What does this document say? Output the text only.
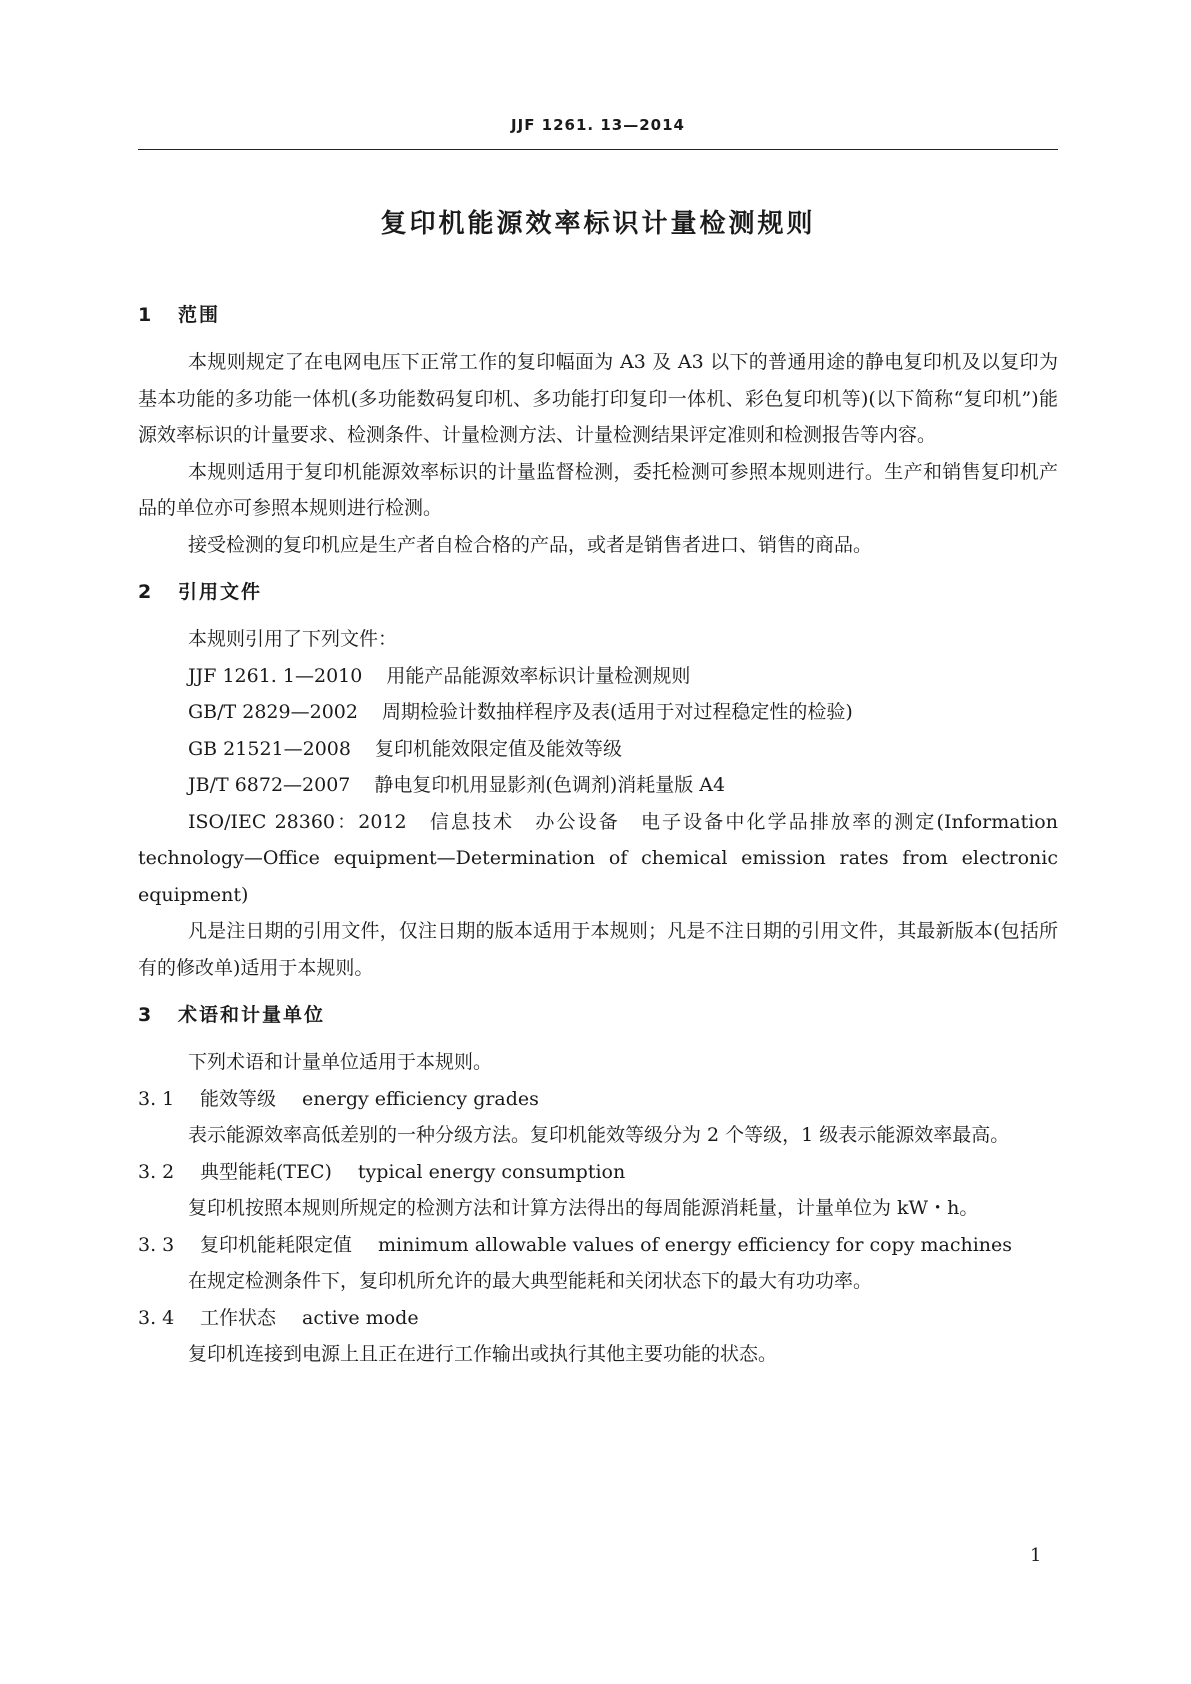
JJF 1261. 13—2014
复印机能源效率标识计量检测规则
1 范围

本规则规定了在电网电压下正常工作的复印幅面为 A3 及 A3 以下的普通用途的静电复印机及以复印为基本功能的多功能一体机(多功能数码复印机、多功能打印复印一体机、彩色复印机等)(以下简称“复印机”)能源效率标识的计量要求、检测条件、计量检测方法、计量检测结果评定准则和检测报告等内容。

本规则适用于复印机能源效率标识的计量监督检测，委托检测可参照本规则进行。生产和销售复印机产品的单位亦可参照本规则进行检测。

接受检测的复印机应是生产者自检合格的产品，或者是销售者进口、销售的商品。

2 引用文件

本规则引用了下列文件：

JJF 1261. 1—2010 用能产品能源效率标识计量检测规则

GB/T 2829—2002 周期检验计数抽样程序及表(适用于对过程稳定性的检验)

GB 21521—2008 复印机能效限定值及能效等级

JB/T 6872—2007 静电复印机用显影剂(色调剂)消耗量版 A4

ISO/IEC 28360：2012　信息技术　办公设备　电子设备中化学品排放率的测定(Information technology—Office equipment—Determination of chemical emission rates from electronic equipment)

凡是注日期的引用文件，仅注日期的版本适用于本规则；凡是不注日期的引用文件，其最新版本(包括所有的修改单)适用于本规则。

3 术语和计量单位

下列术语和计量单位适用于本规则。

3. 1 能效等级 energy efficiency grades

表示能源效率高低差别的一种分级方法。复印机能效等级分为 2 个等级，1 级表示能源效率最高。

3. 2 典型能耗(TEC) typical energy consumption

复印机按照本规则所规定的检测方法和计算方法得出的每周能源消耗量，计量单位为 kW・h。

3. 3 复印机能耗限定值 minimum allowable values of energy efficiency for copy machines

在规定检测条件下，复印机所允许的最大典型能耗和关闭状态下的最大有功功率。

3. 4 工作状态 active mode

复印机连接到电源上且正在进行工作输出或执行其他主要功能的状态。

1
